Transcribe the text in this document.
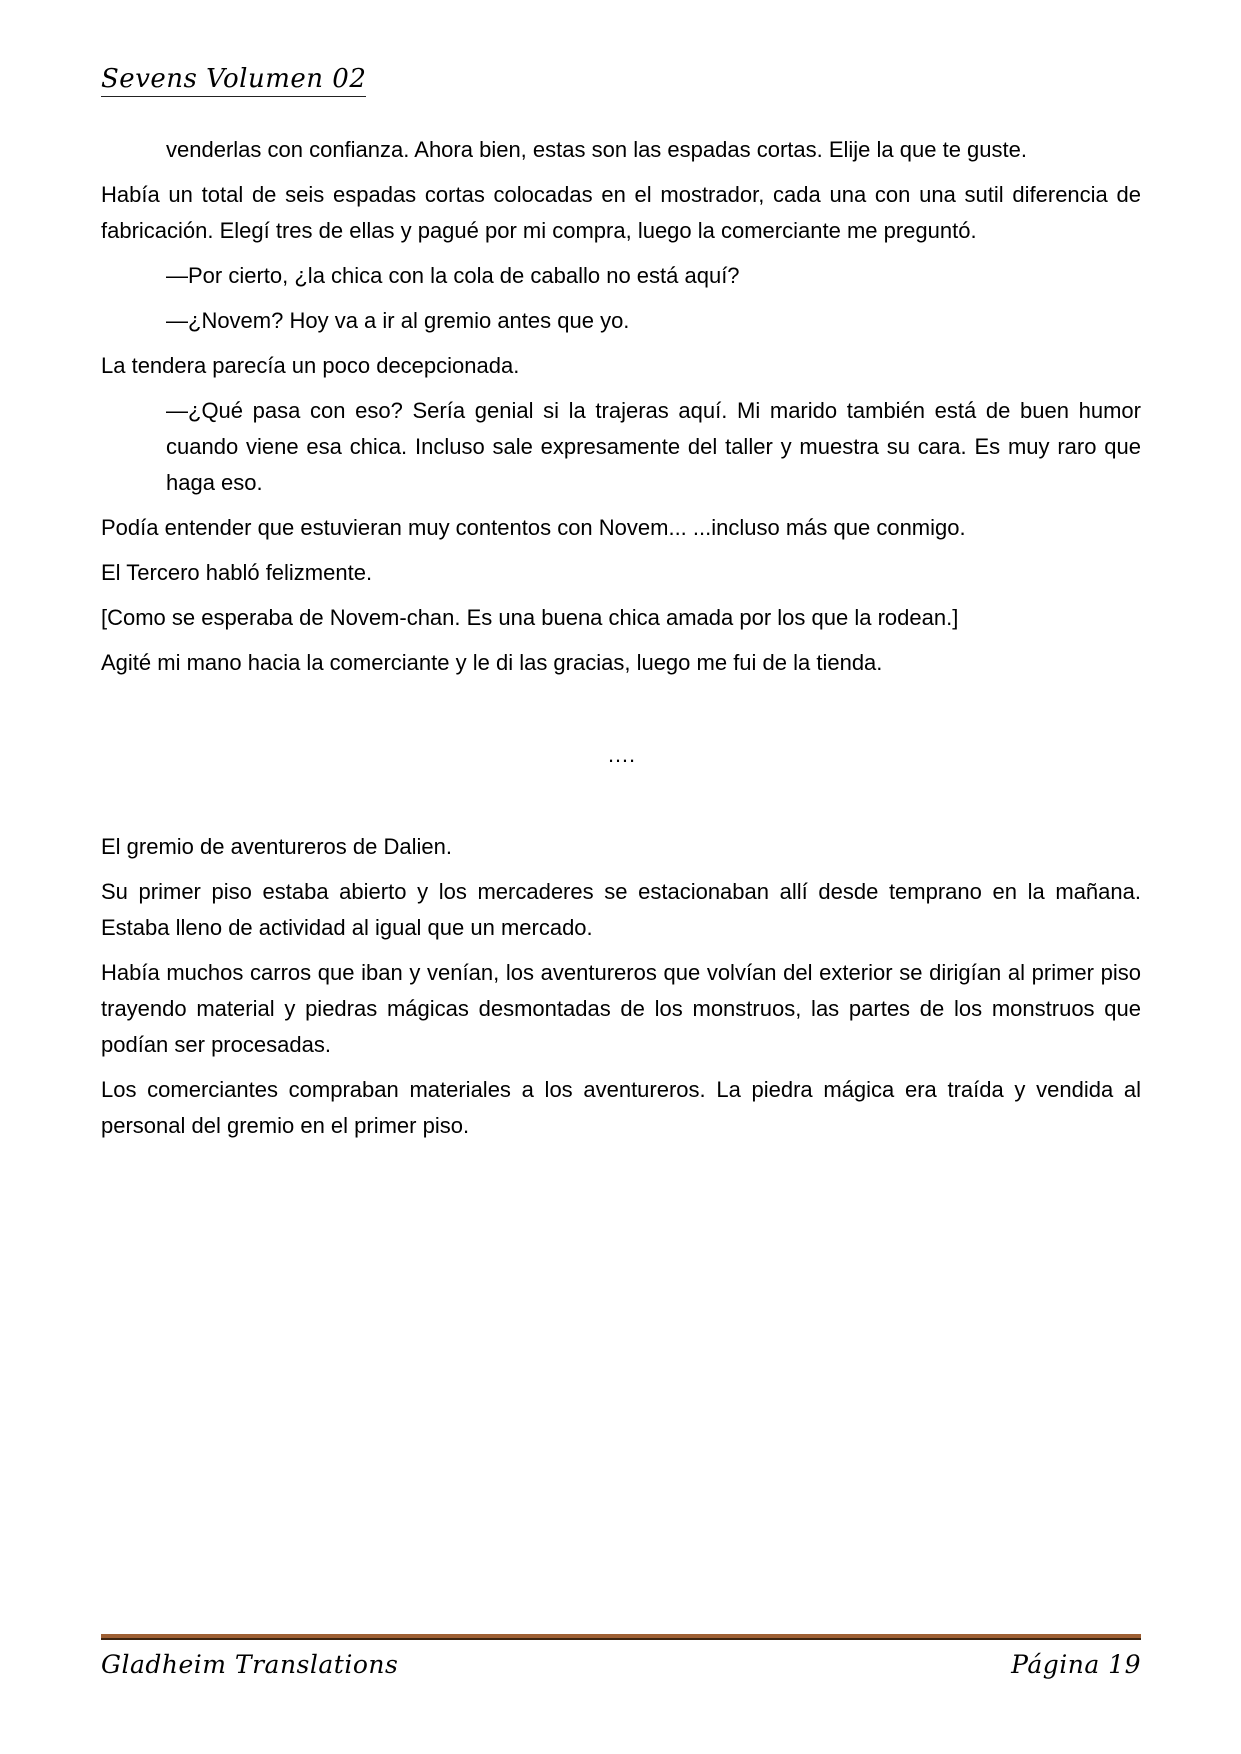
Sevens Volumen 02

venderlas con confianza. Ahora bien, estas son las espadas cortas. Elije la que te guste.

Había un total de seis espadas cortas colocadas en el mostrador, cada una con una sutil diferencia de fabricación. Elegí tres de ellas y pagué por mi compra, luego la comerciante me preguntó.

—Por cierto, ¿la chica con la cola de caballo no está aquí?

—¿Novem? Hoy va a ir al gremio antes que yo.

La tendera parecía un poco decepcionada.

—¿Qué pasa con eso? Sería genial si la trajeras aquí. Mi marido también está de buen humor cuando viene esa chica. Incluso sale expresamente del taller y muestra su cara. Es muy raro que haga eso.

Podía entender que estuvieran muy contentos con Novem... ...incluso más que conmigo.

El Tercero habló felizmente.

[Como se esperaba de Novem-chan. Es una buena chica amada por los que la rodean.]

Agité mi mano hacia la comerciante y le di las gracias, luego me fui de la tienda.

….

El gremio de aventureros de Dalien.

Su primer piso estaba abierto y los mercaderes se estacionaban allí desde temprano en la mañana. Estaba lleno de actividad al igual que un mercado.

Había muchos carros que iban y venían, los aventureros que volvían del exterior se dirigían al primer piso trayendo material y piedras mágicas desmontadas de los monstruos, las partes de los monstruos que podían ser procesadas.

Los comerciantes compraban materiales a los aventureros. La piedra mágica era traída y vendida al personal del gremio en el primer piso.

Gladheim Translations	Página 19
